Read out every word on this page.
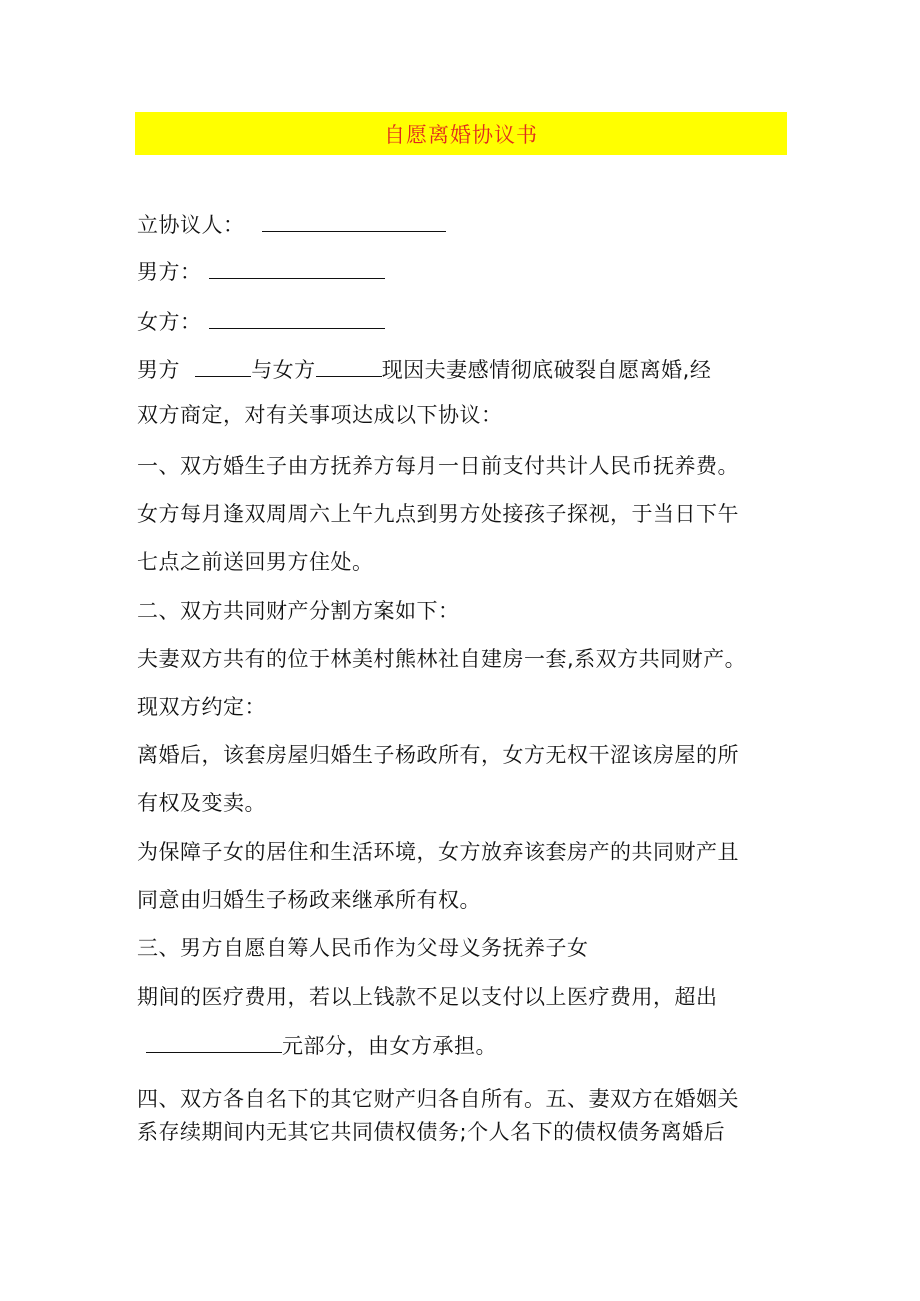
自愿离婚协议书
立协议人：
男方：
女方：
男方	与女方	现因夫妻感情彻底破裂自愿离婚,经
双方商定，对有关事项达成以下协议：
一、双方婚生子由方抚养方每月一日前支付共计人民币抚养费。
女方每月逢双周周六上午九点到男方处接孩子探视，于当日下午
七点之前送回男方住处。
二、双方共同财产分割方案如下：
夫妻双方共有的位于林美村熊林社自建房一套,系双方共同财产。
现双方约定：
离婚后，该套房屋归婚生子杨政所有，女方无权干涩该房屋的所
有权及变卖。
为保障子女的居住和生活环境，女方放弃该套房产的共同财产且
同意由归婚生子杨政来继承所有权。
三、男方自愿自筹人民币作为父母义务抚养子女
期间的医疗费用，若以上钱款不足以支付以上医疗费用，超出
元部分，由女方承担。
四、双方各自名下的其它财产归各自所有。五、妻双方在婚姻关
系存续期间内无其它共同债权债务;个人名下的债权债务离婚后
